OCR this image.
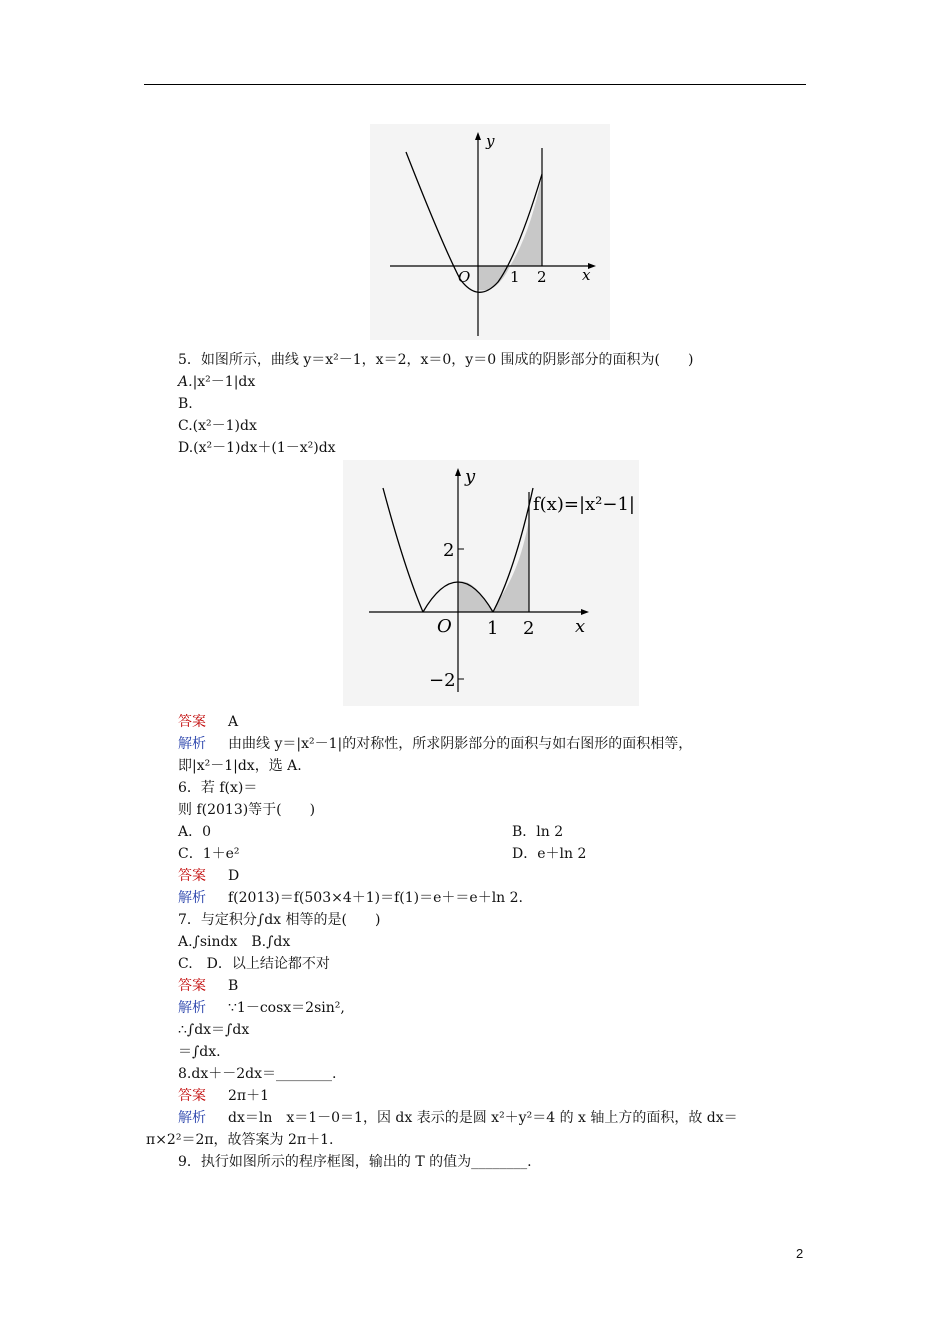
y
x
O	1 2
5．如图所示，曲线 y＝x²－1，x＝2，x＝0，y＝0 围成的阴影部分的面积为(　　)
A.|x²－1|dx
B.
C.(x²－1)dx
D.(x²－1)dx＋(1－x²)dx
y
x
O 1 2
2
−2
f(x)=|x²−1|
答案 A
解析 由曲线 y＝|x²－1|的对称性，所求阴影部分的面积与如右图形的面积相等，
即|x²－1|dx，选 A.
6．若 f(x)＝
则 f(2013)等于(　　)
A．0	B．ln 2
C．1＋e²	D．e＋ln 2
答案 D
解析 f(2013)＝f(503×4＋1)＝f(1)＝e＋＝e＋ln 2.
7．与定积分∫dx 相等的是(　　)
A.∫sindx　B.∫dx
C.　D．以上结论都不对
答案 B
解析 ∵1－cosx＝2sin²,
∴∫dx＝∫dx
＝∫dx.
8.dx＋－2dx＝________.
答案 2π＋1
解析 dx＝ln　x＝1－0＝1，因 dx 表示的是圆 x²＋y²＝4 的 x 轴上方的面积，故 dx＝
π×2²＝2π，故答案为 2π＋1.
9．执行如图所示的程序框图，输出的 T 的值为________.
2
